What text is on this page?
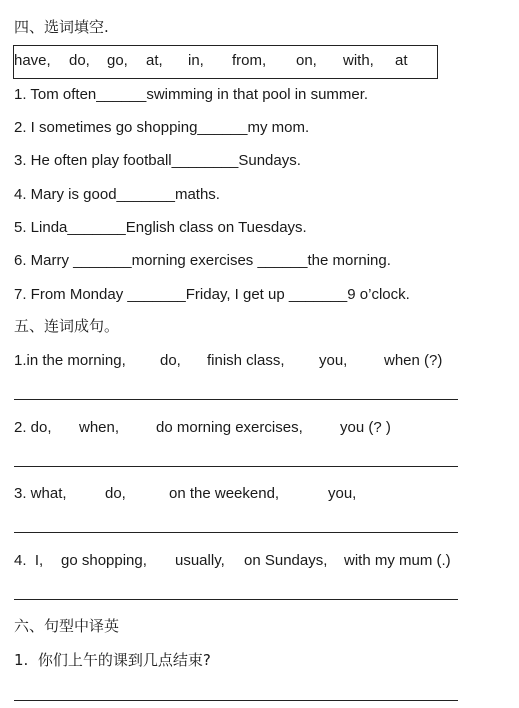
四、选词填空.
have, do, go, at, in, from, on, with, at
1. Tom often______swimming in that pool in summer.
2. I sometimes go shopping______my mom.
3. He often play football________Sundays.
4. Mary is good_______maths.
5. Linda_______English class on Tuesdays.
6. Marry _______morning exercises ______the morning.
7. From Monday _______Friday, I get up _______9 o’clock.
五、连词成句。
1.in the morning, do, finish class, you, when (?)
2. do, when, do morning exercises, you (? )
3. what,	do,	on the weekend,	you,
4.  I, go shopping, usually, on Sundays, with my mum (.)
六、句型中译英
1.  你们上午的课到几点结束?
